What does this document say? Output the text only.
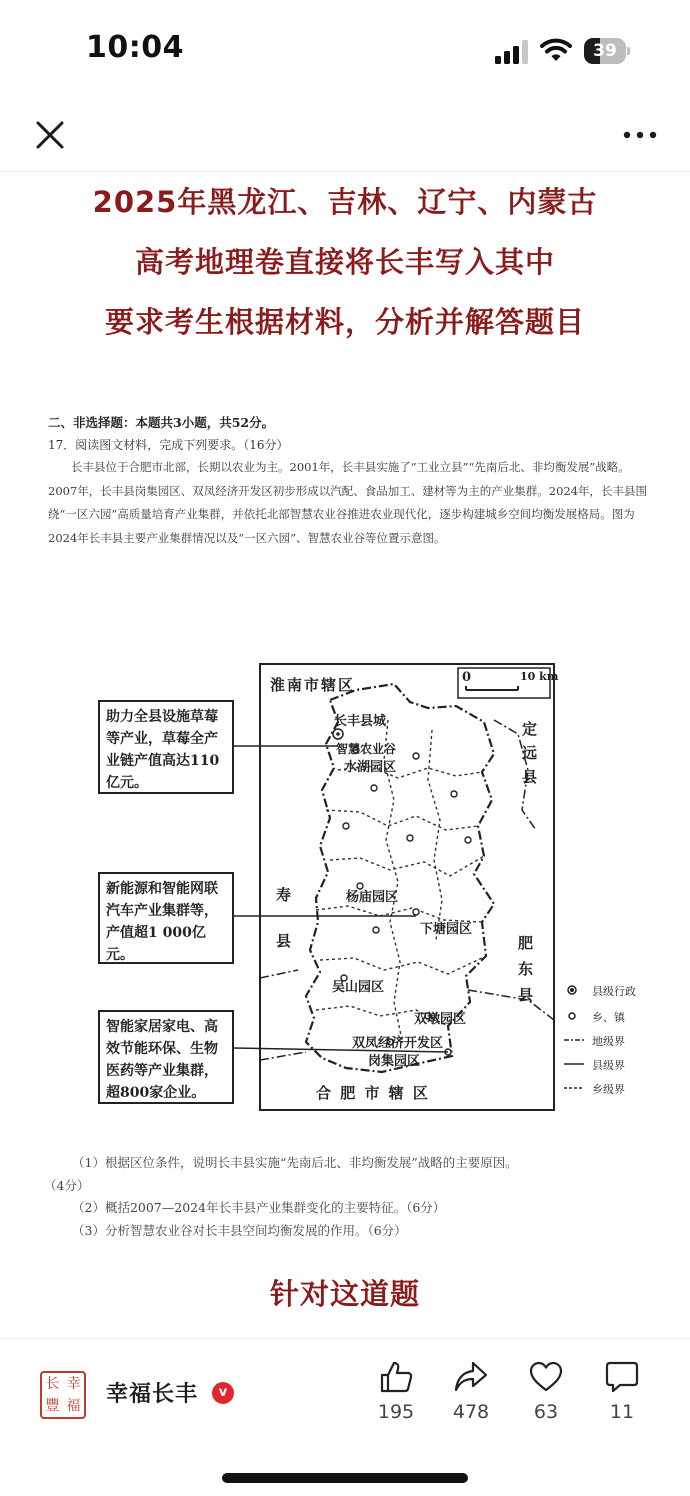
10:04	39
2025年黑龙江、吉林、辽宁、内蒙古
高考地理卷直接将长丰写入其中
要求考生根据材料，分析并解答题目
二、非选择题：本题共3小题，共52分。
17．阅读图文材料，完成下列要求。（16分）
长丰县位于合肥市北部，长期以农业为主。2001年，长丰县实施了“工业立县”“先南后北、非均衡发展”战略。2007年，长丰县岗集园区、双凤经济开发区初步形成以汽配、食品加工、建材等为主的产业集群。2024年，长丰县围绕“一区六园”高质量培育产业集群，并依托北部智慧农业谷推进农业现代化，逐步构建城乡空间均衡发展格局。图为2024年长丰县主要产业集群情况以及“一区六园”、智慧农业谷等位置示意图。
助力全县设施草莓等产业，草莓全产业链产值高达110亿元。
新能源和智能网联汽车产业集群等，产值超1 000亿元。
智能家居家电、高效节能环保、生物医药等产业集群，超800家企业。
淮南市辖区	0	10 km
长丰县城
智慧农业谷
水湖园区
杨庙园区
下塘园区
吴山园区
双墩园区
双凤经济开发区
岗集园区
合 肥 市 辖 区
寿
县
定
远
县
肥
东
县	县级行政
乡、镇
地级界
县级界
乡级界
（1）根据区位条件，说明长丰县实施“先南后北、非均衡发展”战略的主要原因。
（4分）
（2）概括2007—2024年长丰县产业集群变化的主要特征。（6分）
（3）分析智慧农业谷对长丰县空间均衡发展的作用。（6分）
针对这道题
长 幸
豐 福 幸福长丰	v
195	478	63	11
